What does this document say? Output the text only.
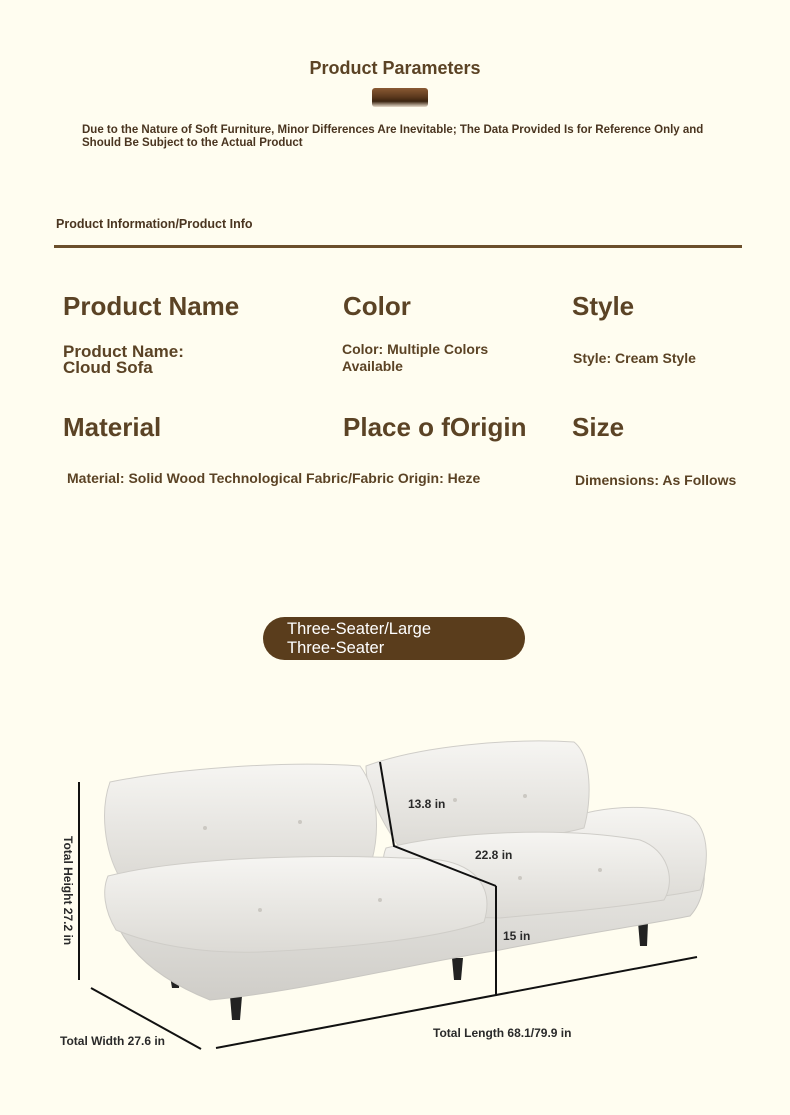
Product Parameters
Due to the Nature of Soft Furniture, Minor Differences Are Inevitable; The Data Provided Is for Reference Only and Should Be Subject to the Actual Product
Product Information/Product Info
Product Name
Product Name:
Cloud Sofa
Color
Color: Multiple Colors
Available
Style
Style: Cream Style
Material
Material: Solid Wood Technological Fabric/Fabric Origin: Heze
Place o fOrigin Size
Dimensions: As Follows
Three-Seater/Large
Three-Seater
13.8 in
22.8 in
15 in
Total Height 27.2 in
Total Width 27.6 in
Total Length 68.1/79.9 in
